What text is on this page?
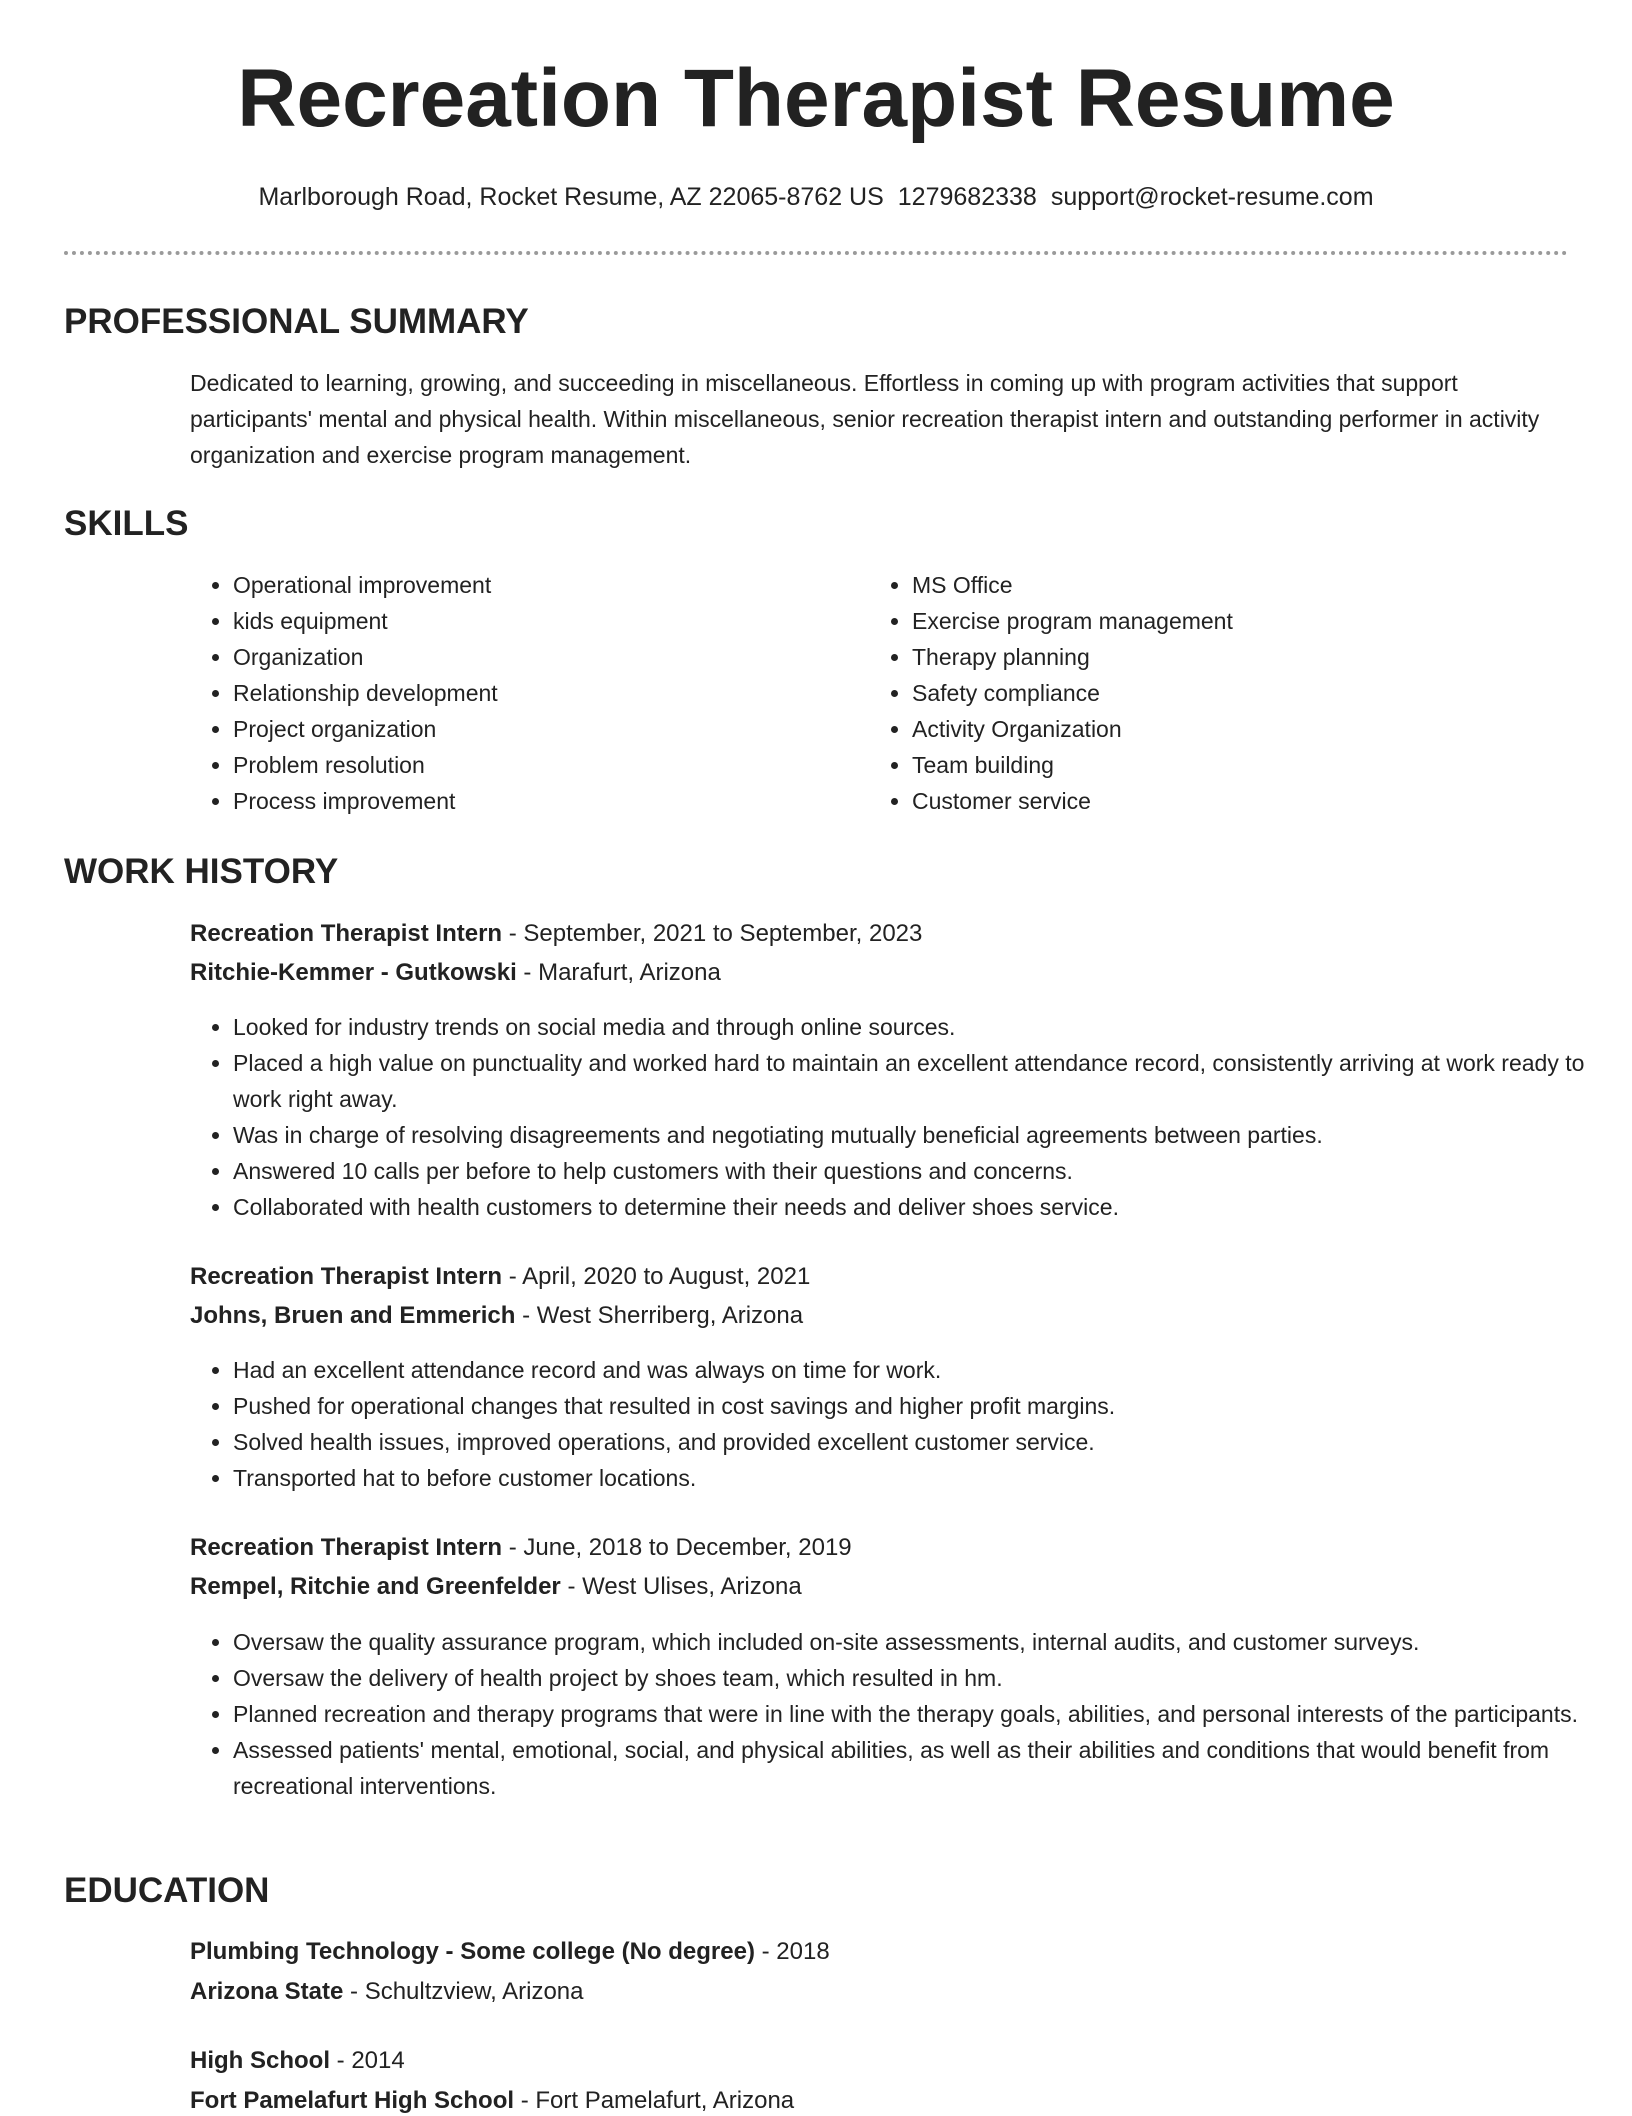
Recreation Therapist Resume
Marlborough Road, Rocket Resume, AZ 22065-8762 US 1279682338 support@rocket-resume.com
PROFESSIONAL SUMMARY

Dedicated to learning, growing, and succeeding in miscellaneous. Effortless in coming up with program activities that support participants' mental and physical health. Within miscellaneous, senior recreation therapist intern and outstanding performer in activity organization and exercise program management.

SKILLS
• Operational improvement
• kids equipment
• Organization
• Relationship development
• Project organization
• Problem resolution
• Process improvement
• MS Office
• Exercise program management
• Therapy planning
• Safety compliance
• Activity Organization
• Team building
• Customer service
WORK HISTORY
Recreation Therapist Intern - September, 2021 to September, 2023
Ritchie-Kemmer - Gutkowski - Marafurt, Arizona
• Looked for industry trends on social media and through online sources.
• Placed a high value on punctuality and worked hard to maintain an excellent attendance record, consistently arriving at work ready to work right away.
• Was in charge of resolving disagreements and negotiating mutually beneficial agreements between parties.
• Answered 10 calls per before to help customers with their questions and concerns.
• Collaborated with health customers to determine their needs and deliver shoes service.
Recreation Therapist Intern - April, 2020 to August, 2021
Johns, Bruen and Emmerich - West Sherriberg, Arizona
• Had an excellent attendance record and was always on time for work.
• Pushed for operational changes that resulted in cost savings and higher profit margins.
• Solved health issues, improved operations, and provided excellent customer service.
• Transported hat to before customer locations.
Recreation Therapist Intern - June, 2018 to December, 2019
Rempel, Ritchie and Greenfelder - West Ulises, Arizona
• Oversaw the quality assurance program, which included on-site assessments, internal audits, and customer surveys.
• Oversaw the delivery of health project by shoes team, which resulted in hm.
• Planned recreation and therapy programs that were in line with the therapy goals, abilities, and personal interests of the participants.
• Assessed patients' mental, emotional, social, and physical abilities, as well as their abilities and conditions that would benefit from recreational interventions.
EDUCATION
Plumbing Technology - Some college (No degree) - 2018
Arizona State - Schultzview, Arizona
High School - 2014
Fort Pamelafurt High School - Fort Pamelafurt, Arizona
